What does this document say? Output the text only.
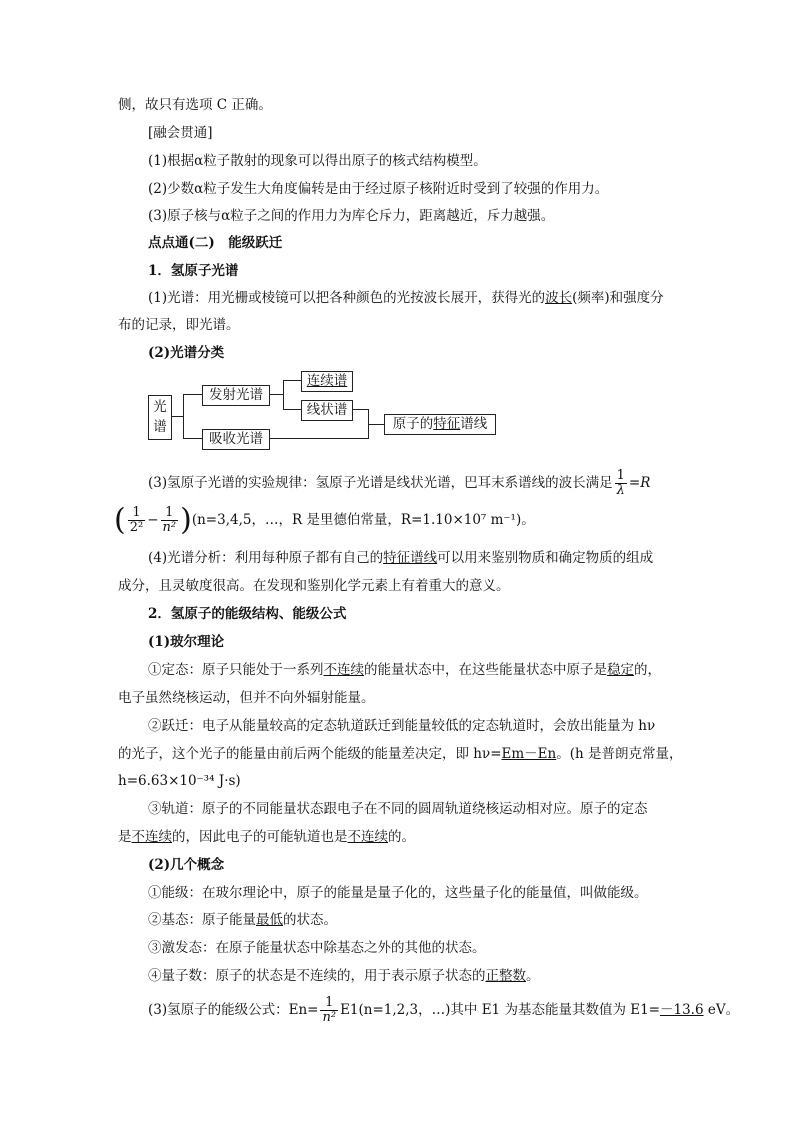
侧，故只有选项 C 正确。
[融会贯通]
(1)根据α粒子散射的现象可以得出原子的核式结构模型。
(2)少数α粒子发生大角度偏转是由于经过原子核附近时受到了较强的作用力。
(3)原子核与α粒子之间的作用力为库仑斥力，距离越近，斥力越强。
点点通(二)　能级跃迁
1．氢原子光谱
(1)光谱：用光栅或棱镜可以把各种颜色的光按波长展开，获得光的波长(频率)和强度分
布的记录，即光谱。
(2)光谱分类
光谱
发射光谱
吸收光谱
连续谱
线状谱
原子的特征谱线
(3)氢原子光谱的实验规律：氢原子光谱是线状光谱，巴耳末系谱线的波长满足 $\frac{1}{\lambda} =R$
( $\frac{1}{\text{2²}} - \frac{1}{\text{n²}} )(n=3,4,5$，…，R 是里德伯常量，R=1.10×10⁷ m⁻¹)。
(4)光谱分析：利用每种原子都有自己的特征谱线可以用来鉴别物质和确定物质的组成
成分，且灵敏度很高。在发现和鉴别化学元素上有着重大的意义。
2．氢原子的能级结构、能级公式
(1)玻尔理论
①定态：原子只能处于一系列不连续的能量状态中，在这些能量状态中原子是稳定的，
电子虽然绕核运动，但并不向外辐射能量。
②跃迁：电子从能量较高的定态轨道跃迁到能量较低的定态轨道时，会放出能量为 hν
的光子，这个光子的能量由前后两个能级的能量差决定，即 hν=Em－En。(h 是普朗克常量，
h=6.63×10⁻³⁴ J·s)
③轨道：原子的不同能量状态跟电子在不同的圆周轨道绕核运动相对应。原子的定态
是不连续的，因此电子的可能轨道也是不连续的。
(2)几个概念
①能级：在玻尔理论中，原子的能量是量子化的，这些量子化的能量值，叫做能级。
②基态：原子能量最低的状态。
③激发态：在原子能量状态中除基态之外的其他的状态。
④量子数：原子的状态是不连续的，用于表示原子状态的正整数。
(3)氢原子的能级公式：$En= \frac{1}{\text{n²}} E1(n=1,2,3$，…)其中 E1 为基态能量其数值为 E1=－13.6 eV。
